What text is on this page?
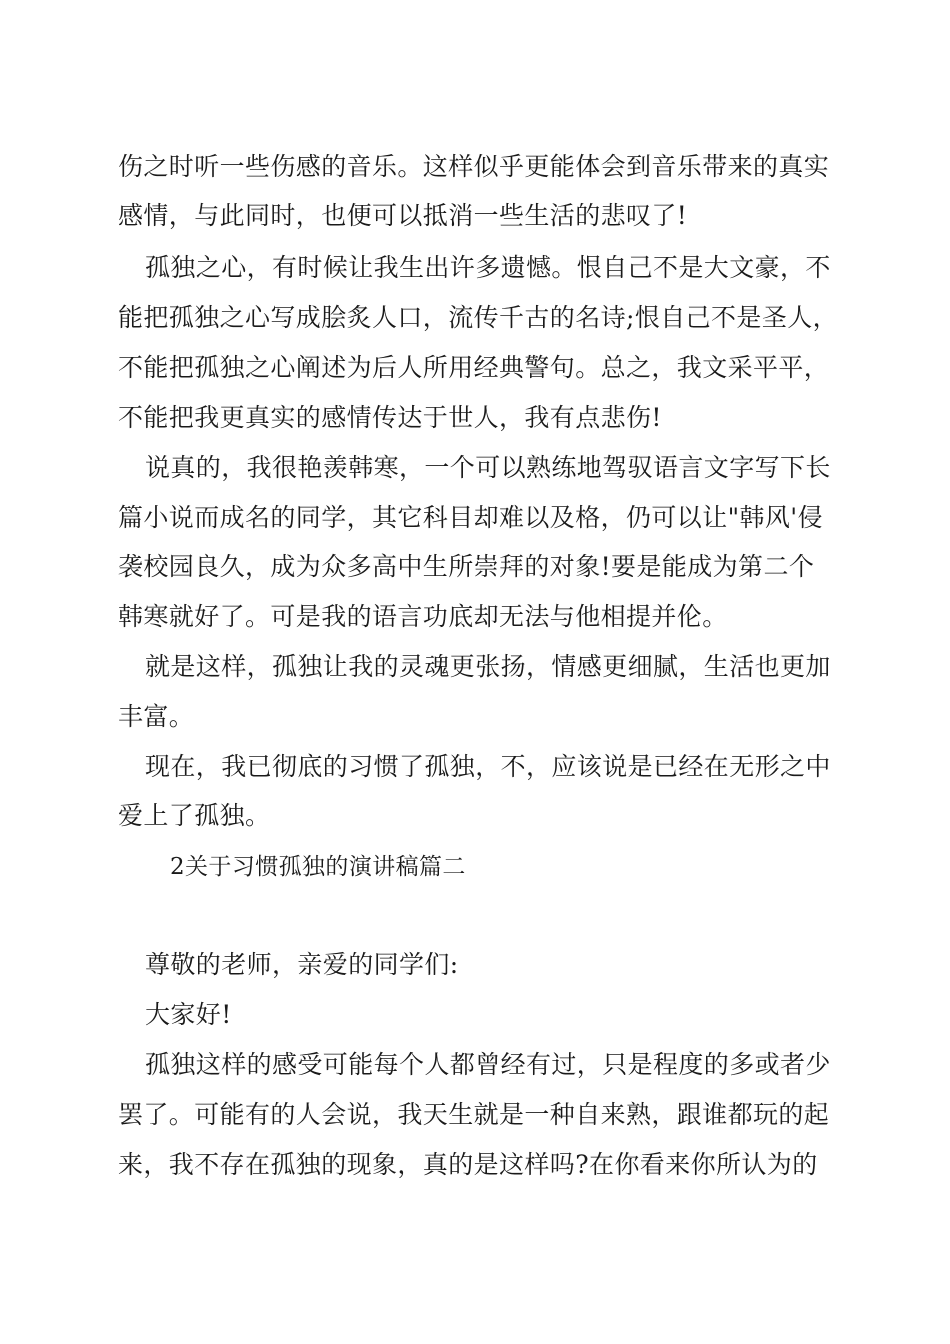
伤之时听一些伤感的音乐。这样似乎更能体会到音乐带来的真实
感情，与此同时，也便可以抵消一些生活的悲叹了!
孤独之心，有时候让我生出许多遗憾。恨自己不是大文豪，不
能把孤独之心写成脍炙人口，流传千古的名诗;恨自己不是圣人，
不能把孤独之心阐述为后人所用经典警句。总之，我文采平平，
不能把我更真实的感情传达于世人，我有点悲伤!
说真的，我很艳羡韩寒，一个可以熟练地驾驭语言文字写下长
篇小说而成名的同学，其它科目却难以及格，仍可以让"韩风'侵
袭校园良久，成为众多高中生所崇拜的对象!要是能成为第二个
韩寒就好了。可是我的语言功底却无法与他相提并伦。
就是这样，孤独让我的灵魂更张扬，情感更细腻，生活也更加
丰富。
现在，我已彻底的习惯了孤独，不，应该说是已经在无形之中
爱上了孤独。
2关于习惯孤独的演讲稿篇二
尊敬的老师，亲爱的同学们:
大家好!
孤独这样的感受可能每个人都曾经有过，只是程度的多或者少
罢了。可能有的人会说，我天生就是一种自来熟，跟谁都玩的起
来，我不存在孤独的现象，真的是这样吗?在你看来你所认为的
